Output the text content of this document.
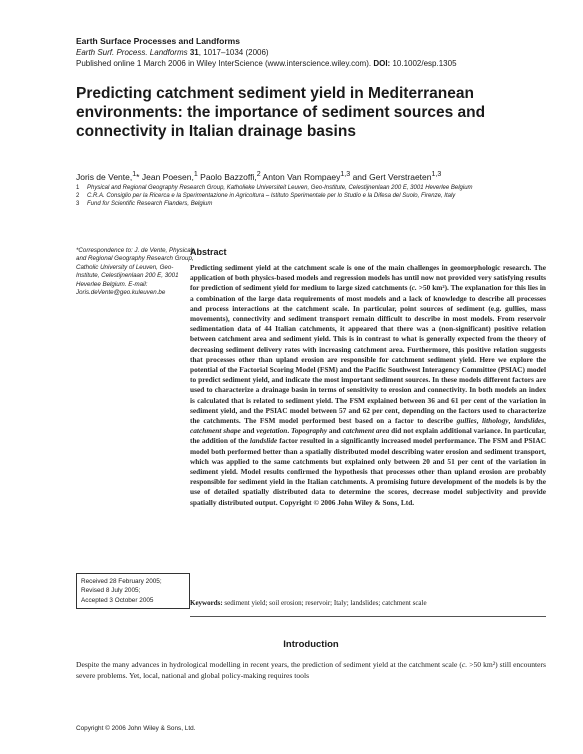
Earth Surface Processes and Landforms
Earth Surf. Process. Landforms 31, 1017–1034 (2006)
Published online 1 March 2006 in Wiley InterScience (www.interscience.wiley.com). DOI: 10.1002/esp.1305
Predicting catchment sediment yield in Mediterranean environments: the importance of sediment sources and connectivity in Italian drainage basins
Joris de Vente,$^1$* Jean Poesen,$^1$ Paolo Bazzoffi,$^2$ Anton Van Rompaey$^{1,3}$ and Gert Verstraeten$^{1,3}$
1	Physical and Regional Geography Research Group, Katholieke Universiteit Leuven, Geo-Institute, Celestijnenlaan 200 E, 3001 Heverlee Belgium
2	C.R.A. Consiglio per la Ricerca e la Sperimentazione in Agricoltura – Istituto Sperimentale per lo Studio e la Difesa del Suolo, Firenze, Italy
3	Fund for Scientific Research Flanders, Belgium
*Correspondence to: J. de Vente, Physical and Regional Geography Research Group, Catholic University of Leuven, Geo-Institute, Celestijnenlaan 200 E, 3001 Heverlee Belgium. E-mail: Joris.deVente@geo.kuleuven.be
Received 28 February 2005;
Revised 8 July 2005;
Accepted 3 October 2005
Abstract
Predicting sediment yield at the catchment scale is one of the main challenges in geomorphologic research. The application of both physics-based models and regression models has until now not provided very satisfying results for prediction of sediment yield for medium to large sized catchments (c. >50 km²). The explanation for this lies in a combination of the large data requirements of most models and a lack of knowledge to describe all processes and process interactions at the catchment scale. In particular, point sources of sediment (e.g. gullies, mass movements), connectivity and sediment transport remain difficult to describe in most models. From reservoir sedimentation data of 44 Italian catchments, it appeared that there was a (non-significant) positive relation between catchment area and sediment yield. This is in contrast to what is generally expected from the theory of decreasing sediment delivery rates with increasing catchment area. Furthermore, this positive relation suggests that processes other than upland erosion are responsible for catchment sediment yield. Here we explore the potential of the Factorial Scoring Model (FSM) and the Pacific Southwest Interagency Committee (PSIAC) model to predict sediment yield, and indicate the most important sediment sources. In these models different factors are used to characterize a drainage basin in terms of sensitivity to erosion and connectivity. In both models an index is calculated that is related to sediment yield. The FSM explained between 36 and 61 per cent of the variation in sediment yield, and the PSIAC model between 57 and 62 per cent, depending on the factors used to characterize the catchments. The FSM model performed best based on a factor to describe gullies, lithology, landslides, catchment shape and vegetation. Topography and catchment area did not explain additional variance. In particular, the addition of the landslide factor resulted in a significantly increased model performance. The FSM and PSIAC model both performed better than a spatially distributed model describing water erosion and sediment transport, which was applied to the same catchments but explained only between 20 and 51 per cent of the variation in sediment yield. Model results confirmed the hypothesis that processes other than upland erosion are probably responsible for sediment yield in the Italian catchments. A promising future development of the models is by the use of detailed spatially distributed data to determine the scores, decrease model subjectivity and provide spatially distributed output. Copyright © 2006 John Wiley & Sons, Ltd.
Keywords: sediment yield; soil erosion; reservoir; Italy; landslides; catchment scale
Introduction
Despite the many advances in hydrological modelling in recent years, the prediction of sediment yield at the catchment scale (c. >50 km²) still encounters severe problems. Yet, local, national and global policy-making requires tools
Copyright © 2006 John Wiley & Sons, Ltd.
